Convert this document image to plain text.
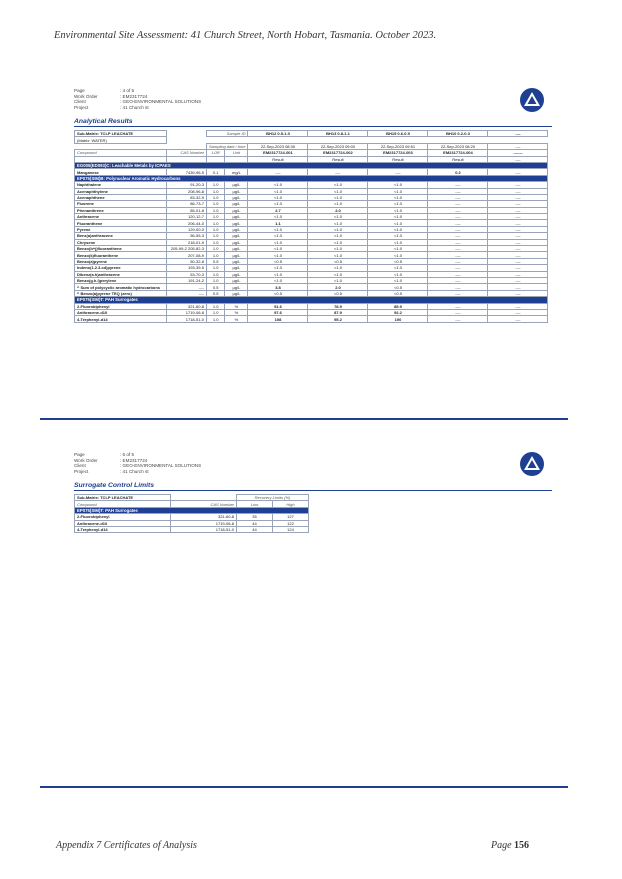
Environmental Site Assessment: 41 Church Street, North Hobart, Tasmania. October 2023.
Page	: 4 of 5
Work Order	: EM2317724
Client	: GEO-ENVIRONMENTAL SOLUTIONS
Project	: 41 Church st
Analytical Results
Sub-Matrix: TCLP LEACHATE		Sample ID		BH12 0.5-1.0	BH13 0.8-1.1	BH15 0.6-0.9	BH10 0.2-0.3	----
(Matrix: WATER)								
		Sampling date / time		22-Sep-2023 08:30	22-Sep-2023 09:00	22-Sep-2023 09:51	22-Sep-2023 08:20	----
Compound	CAS Number	LOR	Unit	EM2317724-001	EM2317724-002	EM2317724-003	EM2317724-004	-------
				Result	Result	Result	Result	----
EG005(ED093)C: Leachable Metals by ICPAES								
Manganese	7439-96-5	0.1	mg/L	----	----	----	0.2	----
EP075(SIM)B: Polynuclear Aromatic Hydrocarbons								
Naphthalene	91-20-3	1.0	µg/L	<1.0	<1.0	<1.0	----	----
Acenaphthylene	208-96-8	1.0	µg/L	<1.0	<1.0	<1.0	----	----
Acenaphthene	83-32-9	1.0	µg/L	<1.0	<1.0	<1.0	----	----
Fluorene	86-73-7	1.0	µg/L	<1.0	<1.0	<1.0	----	----
Phenanthrene	85-01-8	1.0	µg/L	2.7	2.0	<1.0	----	----
Anthracene	120-12-7	1.0	µg/L	<1.0	<1.0	<1.0	----	----
Fluoranthene	206-44-0	1.0	µg/L	1.1	<1.0	<1.0	----	----
Pyrene	129-00-0	1.0	µg/L	<1.0	<1.0	<1.0	----	----
Benz(a)anthracene	56-55-3	1.0	µg/L	<1.0	<1.0	<1.0	----	----
Chrysene	218-01-9	1.0	µg/L	<1.0	<1.0	<1.0	----	----
Benzo(b+j)fluoranthene	205-99-2 205-82-3	1.0	µg/L	<1.0	<1.0	<1.0	----	----
Benzo(k)fluoranthene	207-08-9	1.0	µg/L	<1.0	<1.0	<1.0	----	----
Benzo(a)pyrene	50-32-8	0.5	µg/L	<0.5	<0.5	<0.5	----	----
Indeno(1.2.3.cd)pyrene	193-39-5	1.0	µg/L	<1.0	<1.0	<1.0	----	----
Dibenz(a.h)anthracene	53-70-3	1.0	µg/L	<1.0	<1.0	<1.0	----	----
Benzo(g.h.i)perylene	191-24-2	1.0	µg/L	<1.0	<1.0	<1.0	----	----
^ Sum of polycyclic aromatic hydrocarbons	----	0.5	µg/L	3.8	2.0	<0.5	----	----
^ Benzo(a)pyrene TEQ (zero)	----	0.5	µg/L	<0.5	<0.5	<0.5	----	----
EP075(SIM)T: PAH Surrogates								
2-Fluorobiphenyl	321-60-8	1.0	%	91.6	78.9	85.9	----	----
Anthracene-d10	1719-06-8	1.0	%	97.6	87.9	92.2	----	----
4-Terphenyl-d14	1718-51-0	1.0	%	108	95.2	100	----	----
Page	: 5 of 5
Work Order	: EM2317724
Client	: GEO-ENVIRONMENTAL SOLUTIONS
Project	: 41 Church st
Surrogate Control Limits
Sub-Matrix: TCLP LEACHATE		Recovery Limits (%)	
Compound	CAS Number	Low	High
EP075(SIM)T: PAH Surrogates			
2-Fluorobiphenyl	321-60-8	35	127
Anthracene-d10	1719-06-8	44	122
4-Terphenyl-d14	1718-51-0	44	124
Appendix 7 Certificates of Analysis	Page 156
